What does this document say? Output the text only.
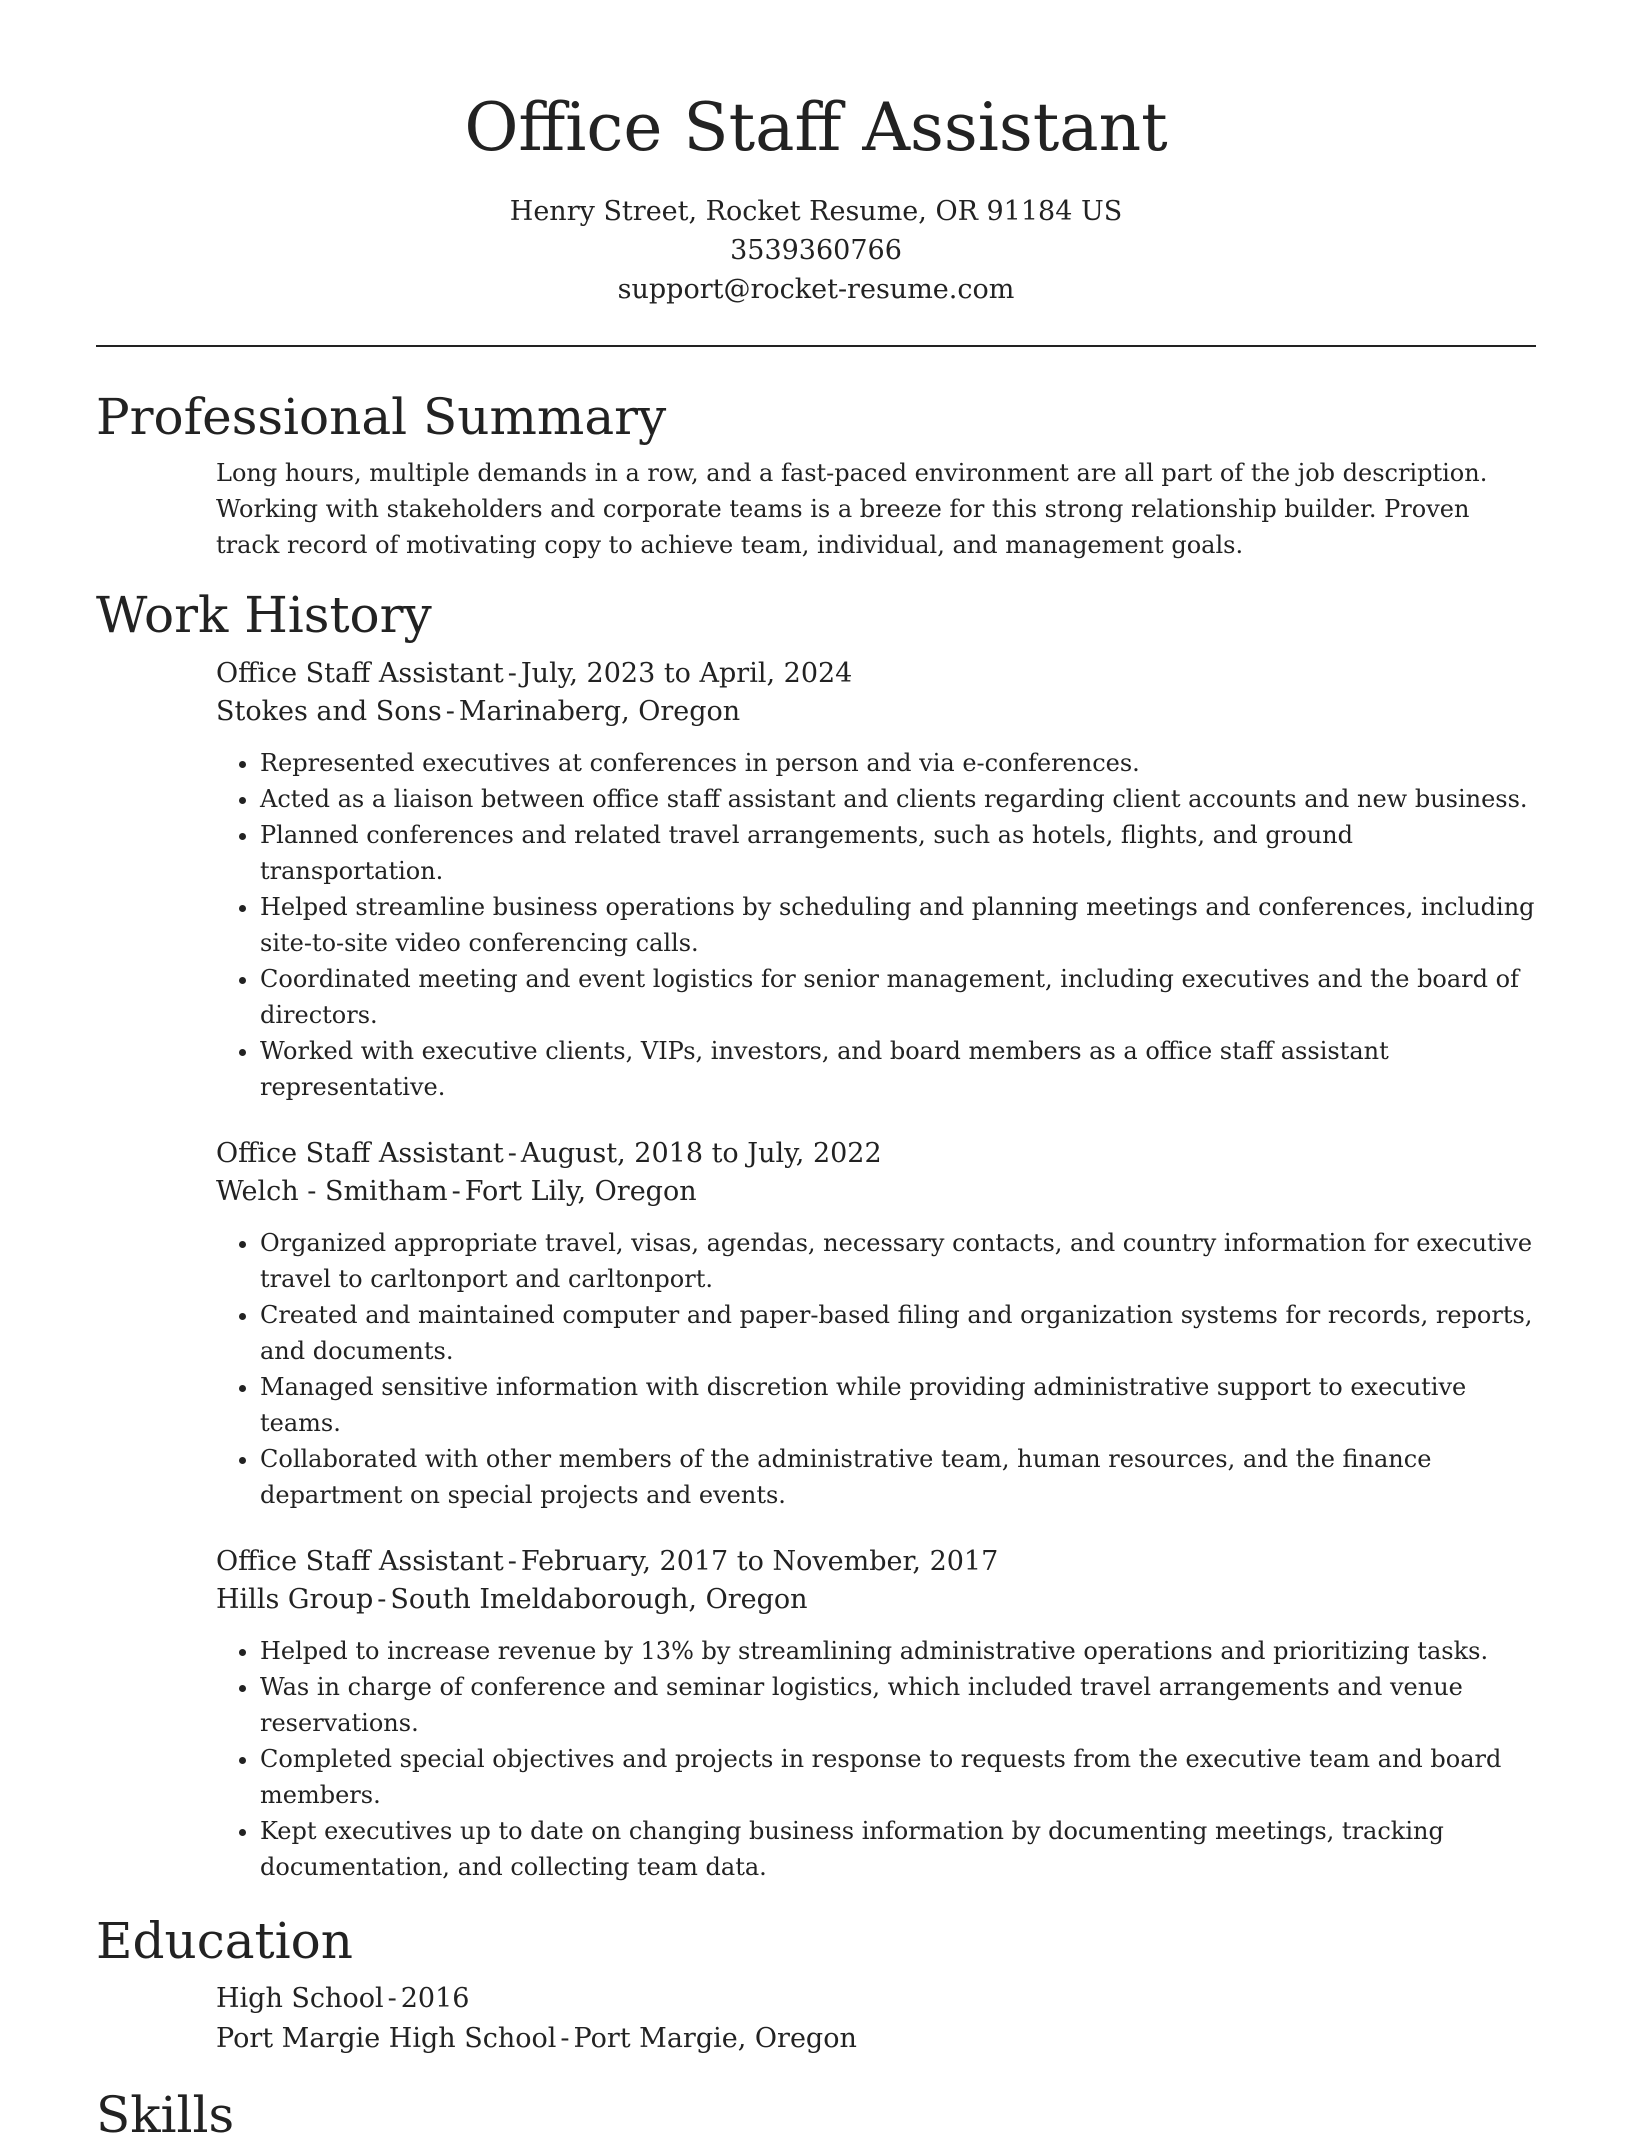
Office Staff Assistant
Henry Street, Rocket Resume, OR 91184 US
3539360766
support@rocket-resume.com
Professional Summary
Long hours, multiple demands in a row, and a fast-paced environment are all part of the job description. Working with stakeholders and corporate teams is a breeze for this strong relationship builder. Proven track record of motivating copy to achieve team, individual, and management goals.
Work History
Office Staff Assistant - July, 2023 to April, 2024
Stokes and Sons - Marinaberg, Oregon
• Represented executives at conferences in person and via e-conferences.
• Acted as a liaison between office staff assistant and clients regarding client accounts and new business.
• Planned conferences and related travel arrangements, such as hotels, flights, and ground transportation.
• Helped streamline business operations by scheduling and planning meetings and conferences, including site-to-site video conferencing calls.
• Coordinated meeting and event logistics for senior management, including executives and the board of directors.
• Worked with executive clients, VIPs, investors, and board members as a office staff assistant representative.
Office Staff Assistant - August, 2018 to July, 2022
Welch - Smitham - Fort Lily, Oregon
• Organized appropriate travel, visas, agendas, necessary contacts, and country information for executive travel to carltonport and carltonport.
• Created and maintained computer and paper-based filing and organization systems for records, reports, and documents.
• Managed sensitive information with discretion while providing administrative support to executive teams.
• Collaborated with other members of the administrative team, human resources, and the finance department on special projects and events.
Office Staff Assistant - February, 2017 to November, 2017
Hills Group - South Imeldaborough, Oregon
• Helped to increase revenue by 13% by streamlining administrative operations and prioritizing tasks.
• Was in charge of conference and seminar logistics, which included travel arrangements and venue reservations.
• Completed special objectives and projects in response to requests from the executive team and board members.
• Kept executives up to date on changing business information by documenting meetings, tracking documentation, and collecting team data.
Education
High School - 2016
Port Margie High School - Port Margie, Oregon
Skills
